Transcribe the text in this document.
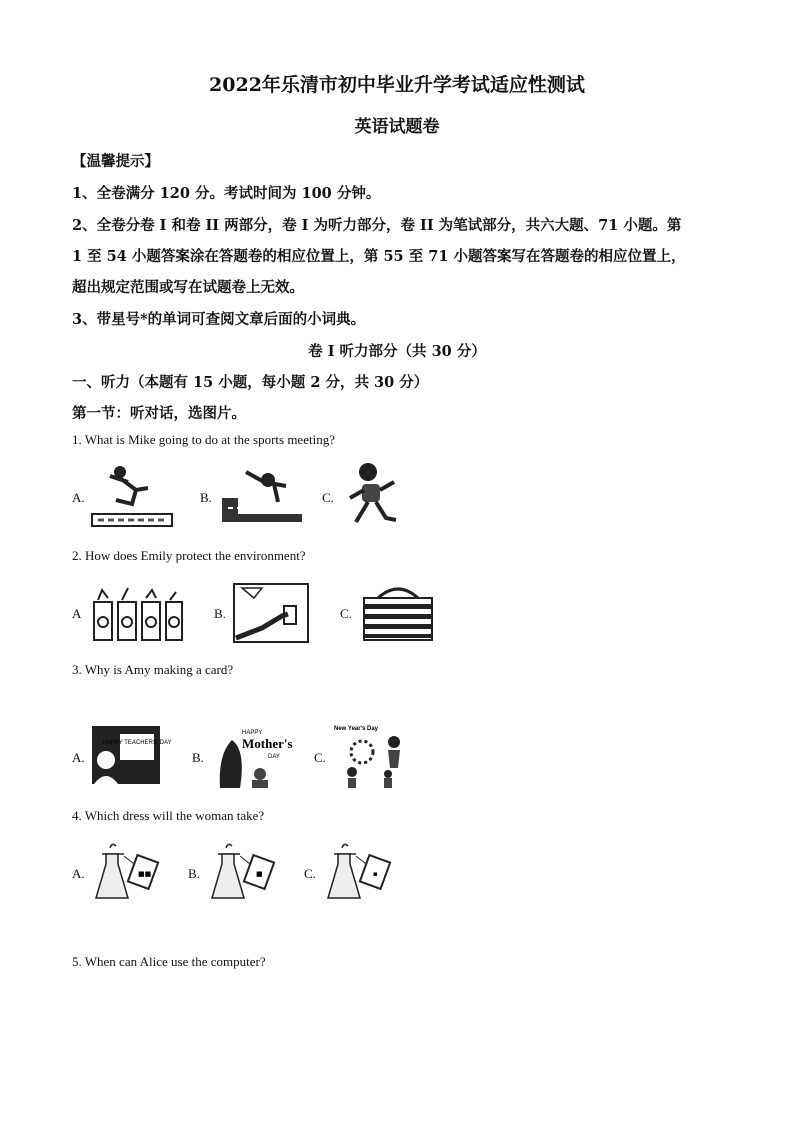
2022年乐清市初中毕业升学考试适应性测试
英语试题卷
【温馨提示】
1、全卷满分 120 分。考试时间为 100 分钟。
2、全卷分卷 I 和卷 II 两部分，卷 I 为听力部分，卷 II 为笔试部分，共六大题、71 小题。第
1 至 54 小题答案涂在答题卷的相应位置上，第 55 至 71 小题答案写在答题卷的相应位置上，
超出规定范围或写在试题卷上无效。
3、带星号*的单词可查阅文章后面的小词典。
卷 I 听力部分（共 30 分）
一、听力（本题有 15 小题，每小题 2 分，共 30 分）
第一节：听对话，选图片。
1. What is Mike going to do at the sports meeting?
A.	B.	C.
2. How does Emily protect the environment?
A	B.	C.
3. Why is Amy making a card?
A.
HAPPY TEACHERS' DAY
B.
HAPPY
Mother's
DAY	C.
New Year's Day
4. Which dress will the woman take?
A.	■■	B.	■	C.	▪
5. When can Alice use the computer?
